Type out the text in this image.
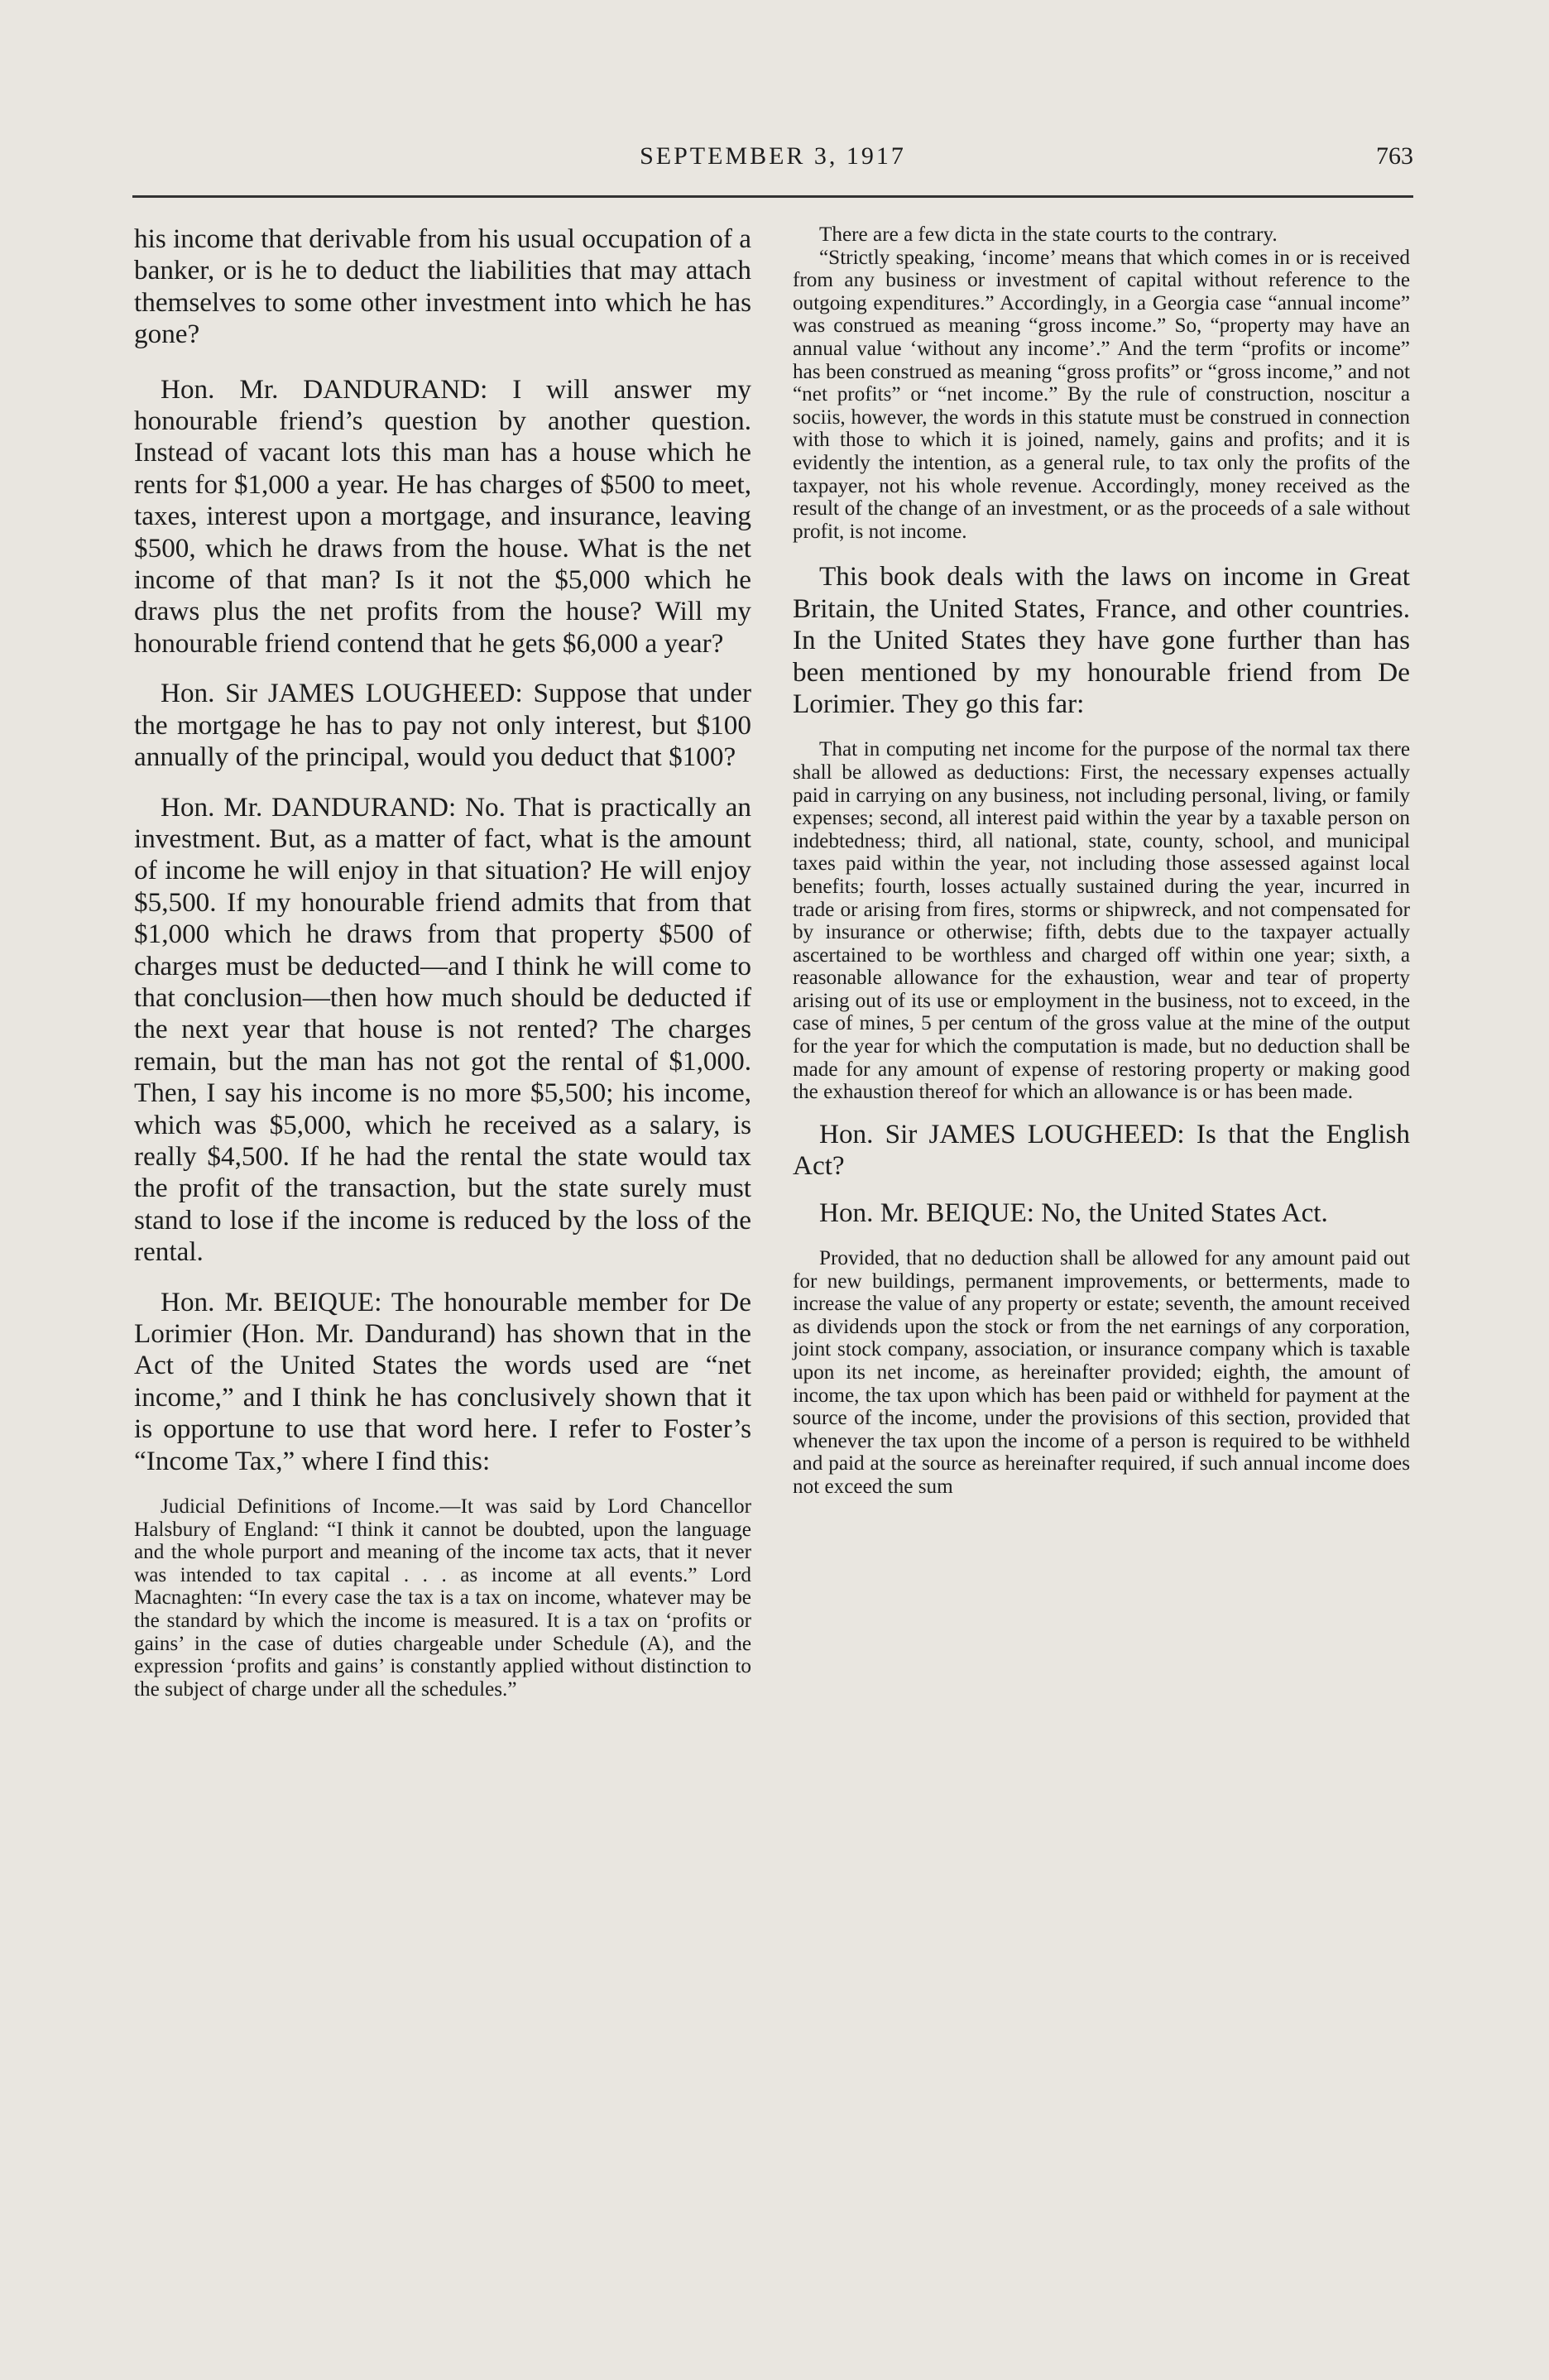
SEPTEMBER 3, 1917	763

his income that derivable from his usual occupation of a banker, or is he to deduct the liabilities that may attach themselves to some other investment into which he has gone?

Hon. Mr. DANDURAND: I will answer my honourable friend’s question by another question. Instead of vacant lots this man has a house which he rents for $1,000 a year. He has charges of $500 to meet, taxes, interest upon a mortgage, and insurance, leaving $500, which he draws from the house. What is the net income of that man? Is it not the $5,000 which he draws plus the net profits from the house? Will my honourable friend contend that he gets $6,000 a year?

Hon. Sir JAMES LOUGHEED: Suppose that under the mortgage he has to pay not only interest, but $100 annually of the principal, would you deduct that $100?

Hon. Mr. DANDURAND: No. That is practically an investment. But, as a matter of fact, what is the amount of income he will enjoy in that situation? He will enjoy $5,500. If my honourable friend admits that from that $1,000 which he draws from that property $500 of charges must be deducted—and I think he will come to that conclusion—then how much should be deducted if the next year that house is not rented? The charges remain, but the man has not got the rental of $1,000. Then, I say his income is no more $5,500; his income, which was $5,000, which he received as a salary, is really $4,500. If he had the rental the state would tax the profit of the transaction, but the state surely must stand to lose if the income is reduced by the loss of the rental.

Hon. Mr. BEIQUE: The honourable member for De Lorimier (Hon. Mr. Dandurand) has shown that in the Act of the United States the words used are “net income,” and I think he has conclusively shown that it is opportune to use that word here. I refer to Foster’s “Income Tax,” where I find this:

Judicial Definitions of Income.—It was said by Lord Chancellor Halsbury of England: “I think it cannot be doubted, upon the language and the whole purport and meaning of the income tax acts, that it never was intended to tax capital . . . as income at all events.” Lord Macnaghten: “In every case the tax is a tax on income, whatever may be the standard by which the income is measured. It is a tax on ‘profits or gains’ in the case of duties chargeable under Schedule (A), and the expression ‘profits and gains’ is constantly applied without distinction to the subject of charge under all the schedules.”

There are a few dicta in the state courts to the contrary.

“Strictly speaking, ‘income’ means that which comes in or is received from any business or investment of capital without reference to the outgoing expenditures.” Accordingly, in a Georgia case “annual income” was construed as meaning “gross income.” So, “property may have an annual value ‘without any income’.” And the term “profits or income” has been construed as meaning “gross profits” or “gross income,” and not “net profits” or “net income.” By the rule of construction, noscitur a sociis, however, the words in this statute must be construed in connection with those to which it is joined, namely, gains and profits; and it is evidently the intention, as a general rule, to tax only the profits of the taxpayer, not his whole revenue. Accordingly, money received as the result of the change of an investment, or as the proceeds of a sale without profit, is not income.

This book deals with the laws on income in Great Britain, the United States, France, and other countries. In the United States they have gone further than has been mentioned by my honourable friend from De Lorimier. They go this far:

That in computing net income for the purpose of the normal tax there shall be allowed as deductions: First, the necessary expenses actually paid in carrying on any business, not including personal, living, or family expenses; second, all interest paid within the year by a taxable person on indebtedness; third, all national, state, county, school, and municipal taxes paid within the year, not including those assessed against local benefits; fourth, losses actually sustained during the year, incurred in trade or arising from fires, storms or shipwreck, and not compensated for by insurance or otherwise; fifth, debts due to the taxpayer actually ascertained to be worthless and charged off within one year; sixth, a reasonable allowance for the exhaustion, wear and tear of property arising out of its use or employment in the business, not to exceed, in the case of mines, 5 per centum of the gross value at the mine of the output for the year for which the computation is made, but no deduction shall be made for any amount of expense of restoring property or making good the exhaustion thereof for which an allowance is or has been made.

Hon. Sir JAMES LOUGHEED: Is that the English Act?

Hon. Mr. BEIQUE: No, the United States Act.

Provided, that no deduction shall be allowed for any amount paid out for new buildings, permanent improvements, or betterments, made to increase the value of any property or estate; seventh, the amount received as dividends upon the stock or from the net earnings of any corporation, joint stock company, association, or insurance company which is taxable upon its net income, as hereinafter provided; eighth, the amount of income, the tax upon which has been paid or withheld for payment at the source of the income, under the provisions of this section, provided that whenever the tax upon the income of a person is required to be withheld and paid at the source as hereinafter required, if such annual income does not exceed the sum
